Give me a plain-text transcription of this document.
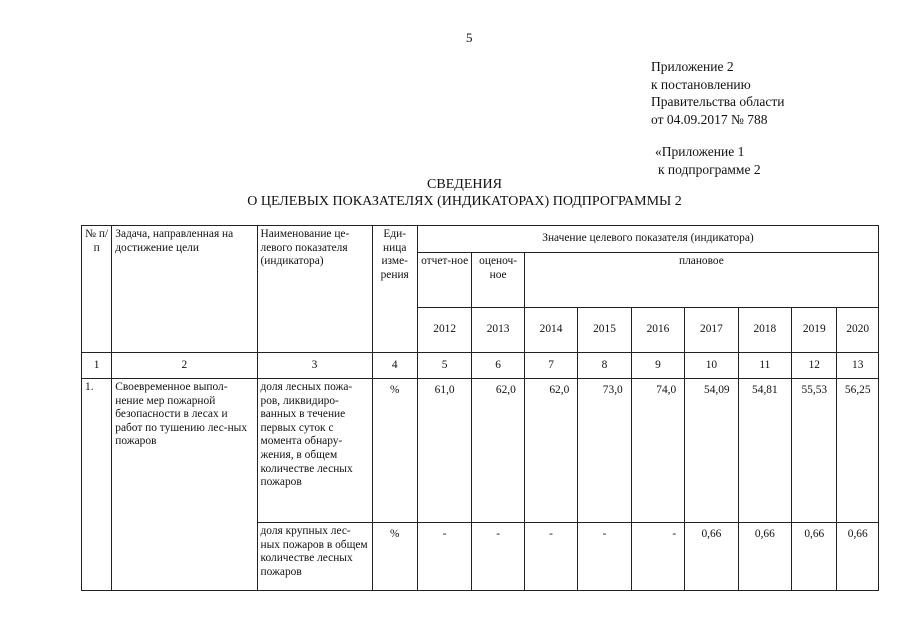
5
Приложение 2
к постановлению
Правительства области
от 04.09.2017 № 788
«Приложение 1
к подпрограмме 2
СВЕДЕНИЯ
О ЦЕЛЕВЫХ ПОКАЗАТЕЛЯХ (ИНДИКАТОРАХ) ПОДПРОГРАММЫ 2
№ п/п	Задача, направленная на достижение цели	Наименование це-левого показателя (индикатора)	Еди-ница изме-рения	Значение целевого показателя (индикатора)								
				отчет-ное	оценоч-ное	плановое						
				2012	2013	2014	2015	2016	2017	2018	2019	2020
1	2	3	4	5	6	7	8	9	10	11	12	13
1.	Своевременное выпол-нение мер пожарной безопасности в лесах и работ по тушению лес-ных пожаров	доля лесных пожа-ров, ликвидиро-ванных в течение первых суток с момента обнару-жения, в общем количестве лесных пожаров	%	61,0	62,0	62,0	73,0	74,0	54,09	54,81	55,53	56,25
		доля крупных лес-ных пожаров в общем количестве лесных пожаров	%	-	-	-	-	-	0,66	0,66	0,66	0,66
